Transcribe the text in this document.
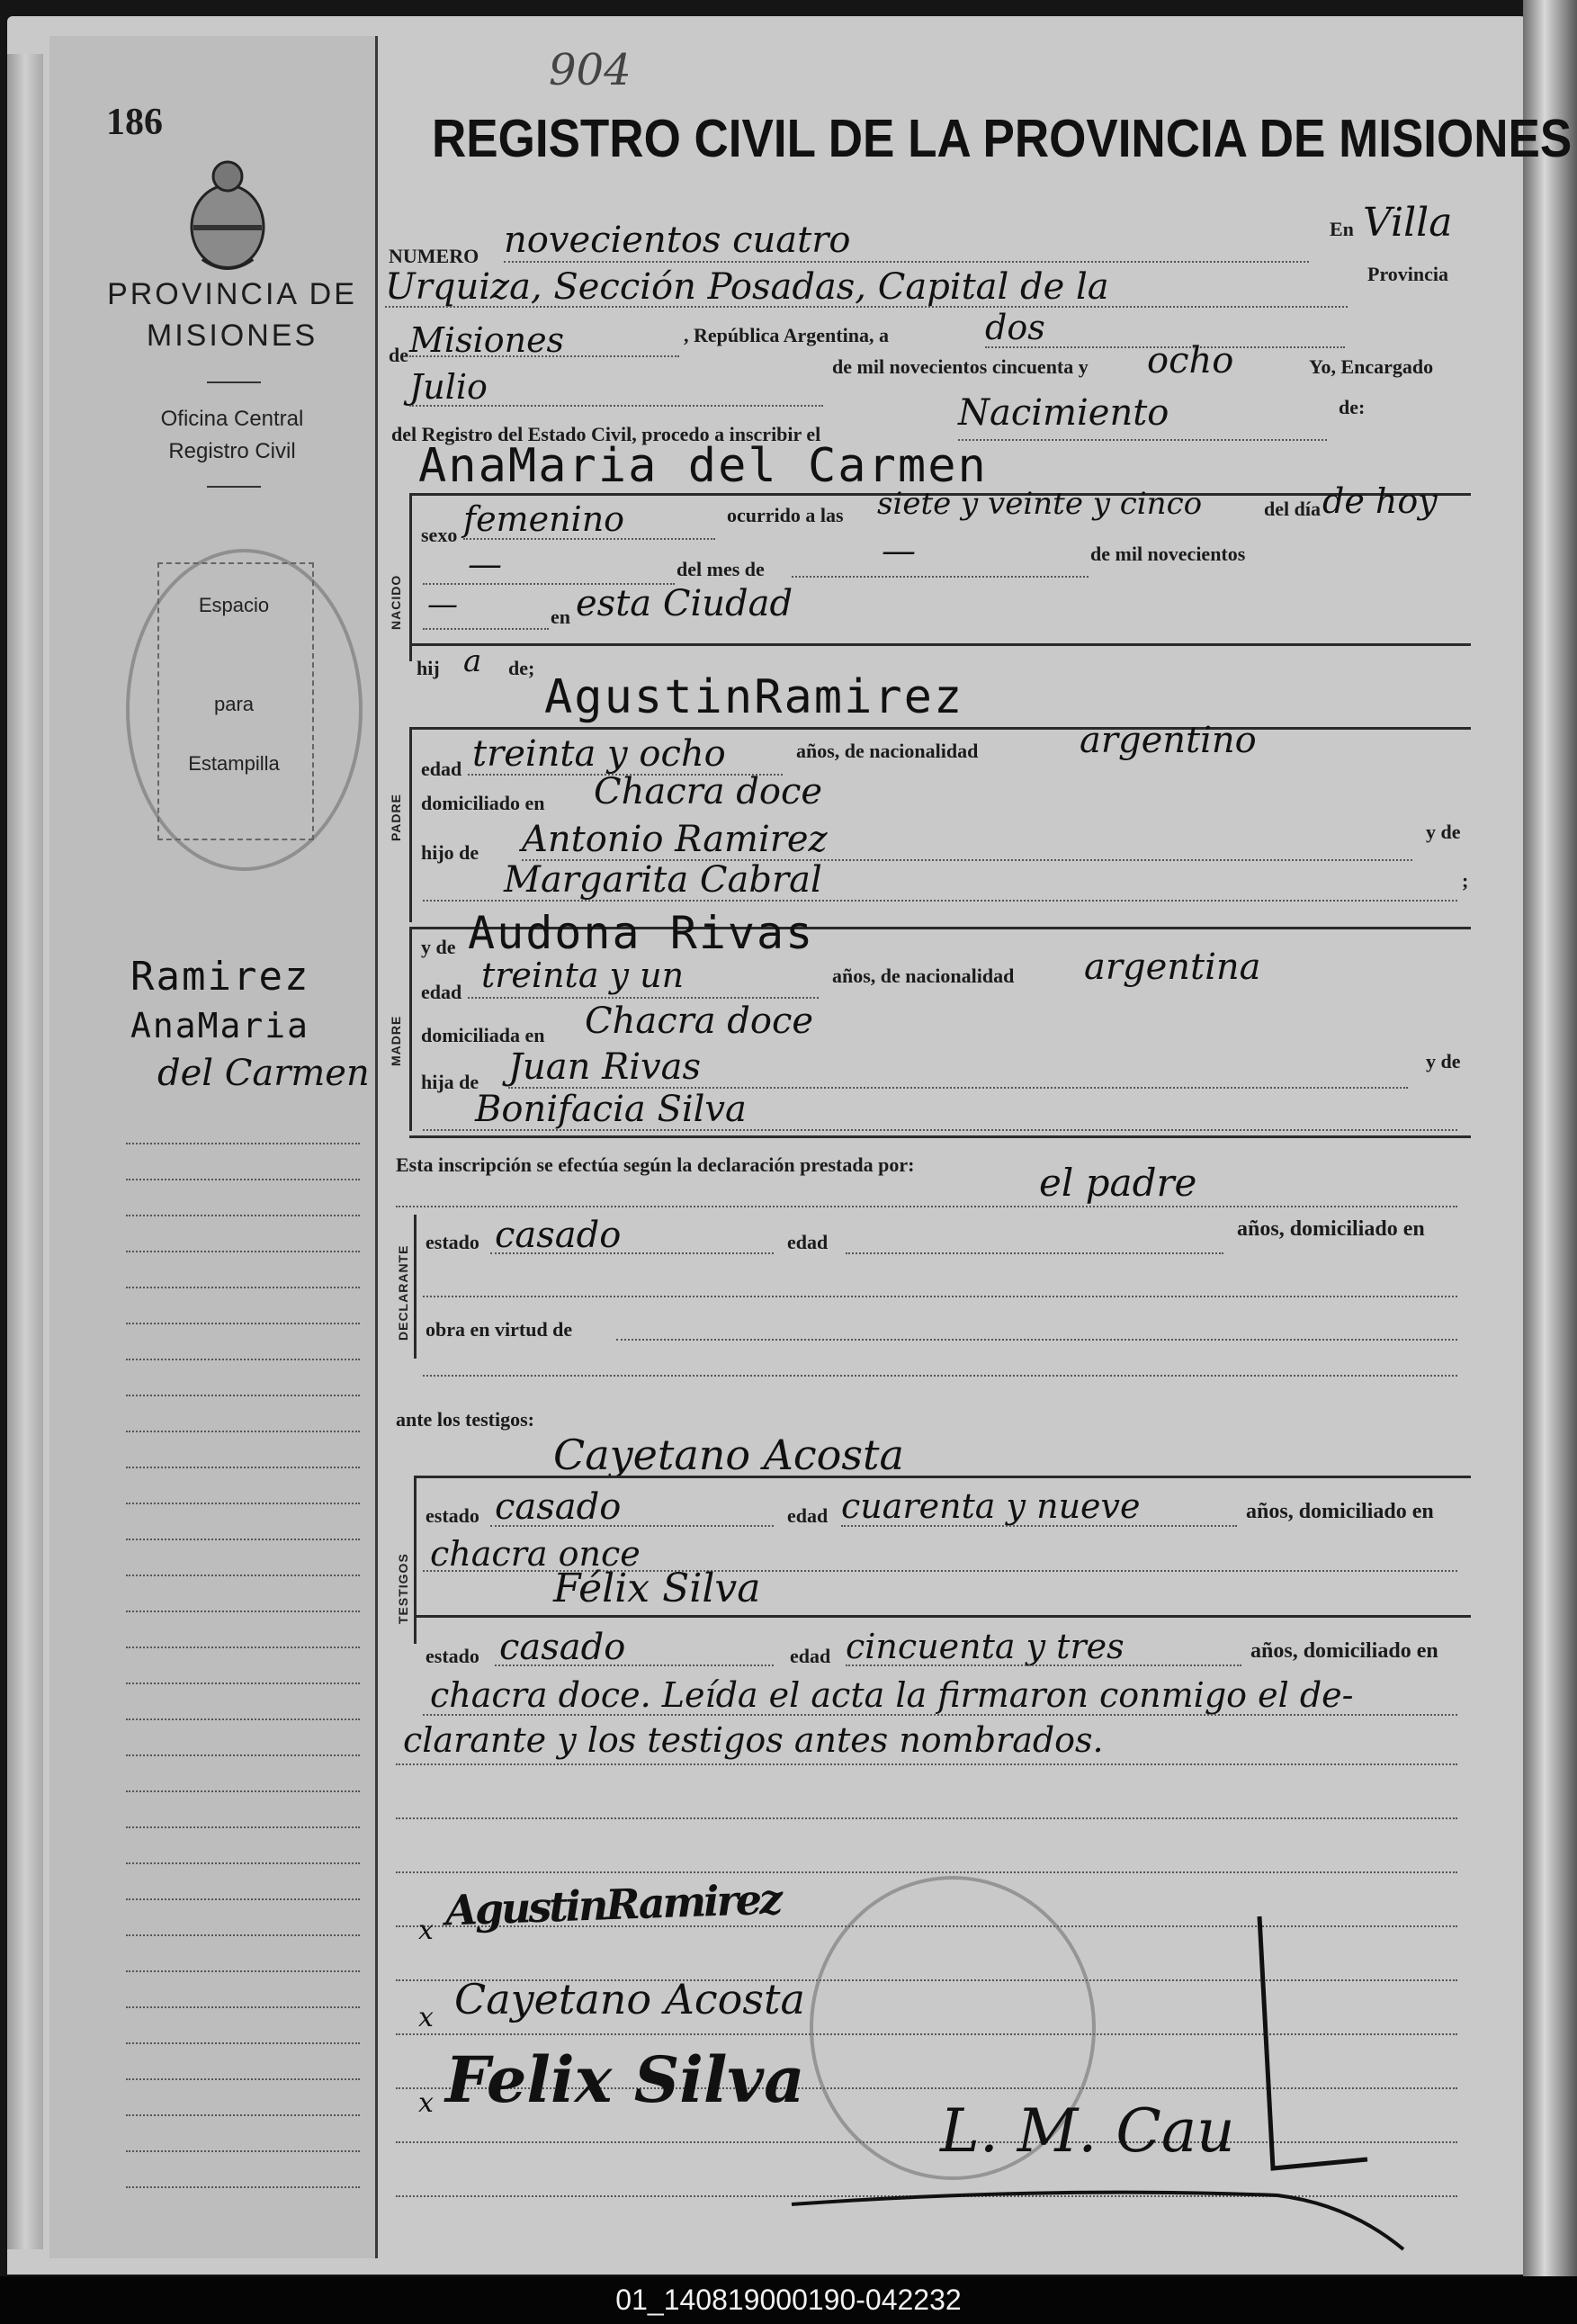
186
PROVINCIA DE
MISIONES
Oficina Central
Registro Civil
Espacio
para
Estampilla
Ramirez
AnaMaria
del Carmen
904
REGISTRO CIVIL DE LA PROVINCIA DE MISIONES
NUMERO novecientos cuatro	En Villa
Urquiza, Sección Posadas, Capital de la	Provincia
de Misiones	, República Argentina, a	dos
Julio
de mil novecientos cincuenta y ocho	Yo, Encargado
del Registro del Estado Civil, procedo a inscribir el
Nacimiento	de:
AnaMaria del Carmen
NACIDO
sexo femenino	ocurrido a las siete y veinte y cinco	del día de hoy
—	del mes de	—	de mil novecientos
—	en esta Ciudad
hij a de;
AgustinRamirez
PADRE
edad treinta y ocho	años, de nacionalidad	argentino
domiciliado en Chacra doce
hijo de Antonio Ramirez	y de
Margarita Cabral	;
MADRE
y de Audona Rivas
edad treinta y un	años, de nacionalidad argentina
domiciliada en Chacra doce
hija de Juan Rivas	y de
Bonifacia Silva
Esta inscripción se efectúa según la declaración prestada por:	el padre
DECLARANTE
estado casado	edad
años, domiciliado en
obra en virtud de
ante los testigos:
Cayetano Acosta
TESTIGOS
estado casado	edad cuarenta y nueve	años, domiciliado en
chacra once
Félix Silva
estado casado	edad cincuenta y tres	años, domiciliado en
chacra doce. Leída el acta la firmaron conmigo el de-
clarante y los testigos antes nombrados.
x AgustinRamirez
x Cayetano Acosta
x Felix Silva
L. M. Cau
01_140819000190-042232
